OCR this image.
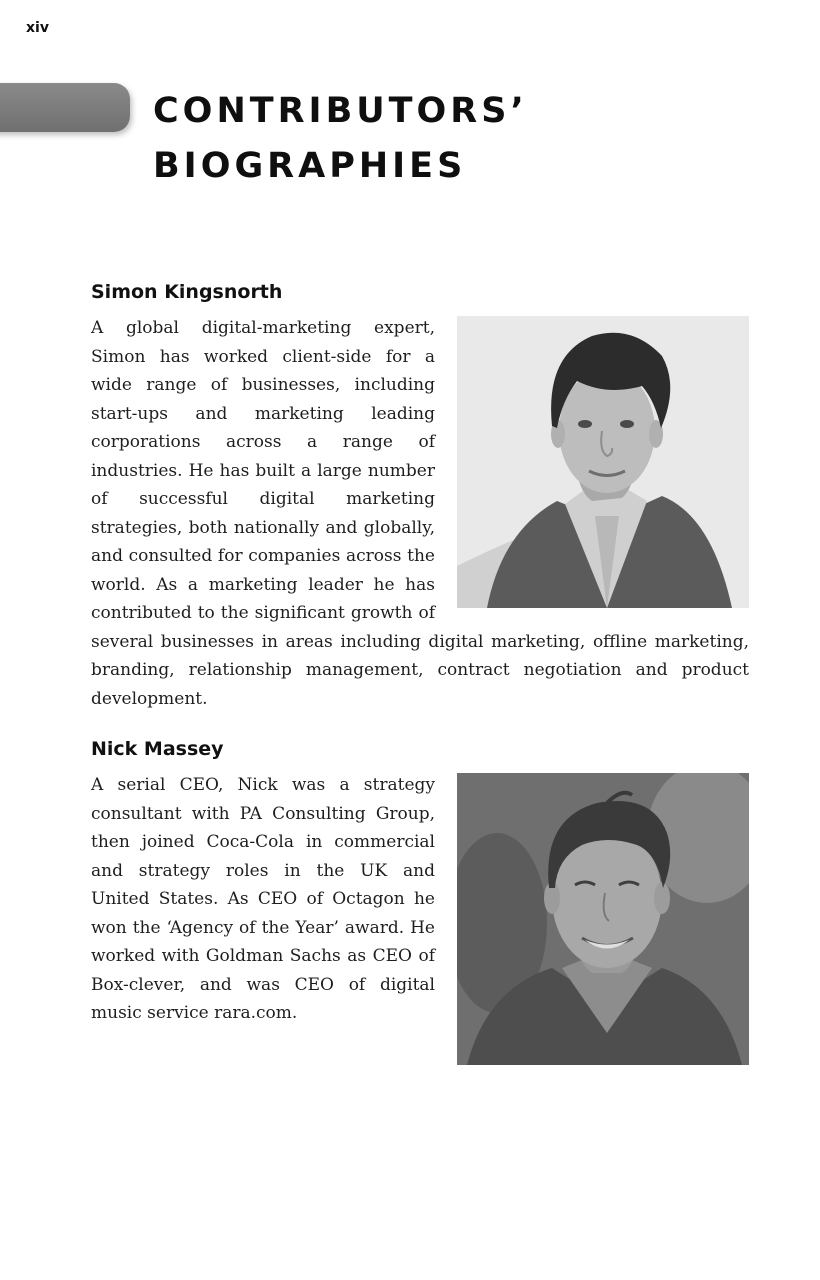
xiv
CONTRIBUTORS’
BIOGRAPHIES
Simon Kingsnorth

A global digital-marketing expert, Simon has worked client-side for a wide range of businesses, including start-ups and marketing leading corporations across a range of industries. He has built a large number of successful digital marketing strategies, both nationally and globally, and consulted for companies across the world. As a marketing leader he has contributed to the significant growth of several businesses in areas including digital marketing, offline marketing, branding, relationship management, contract negotiation and product development.

Nick Massey

A serial CEO, Nick was a strategy consultant with PA Consulting Group, then joined Coca-Cola in commercial and strategy roles in the UK and United States. As CEO of Octagon he won the ‘Agency of the Year’ award. He worked with Goldman Sachs as CEO of Box-clever, and was CEO of digital music service rara.com.
